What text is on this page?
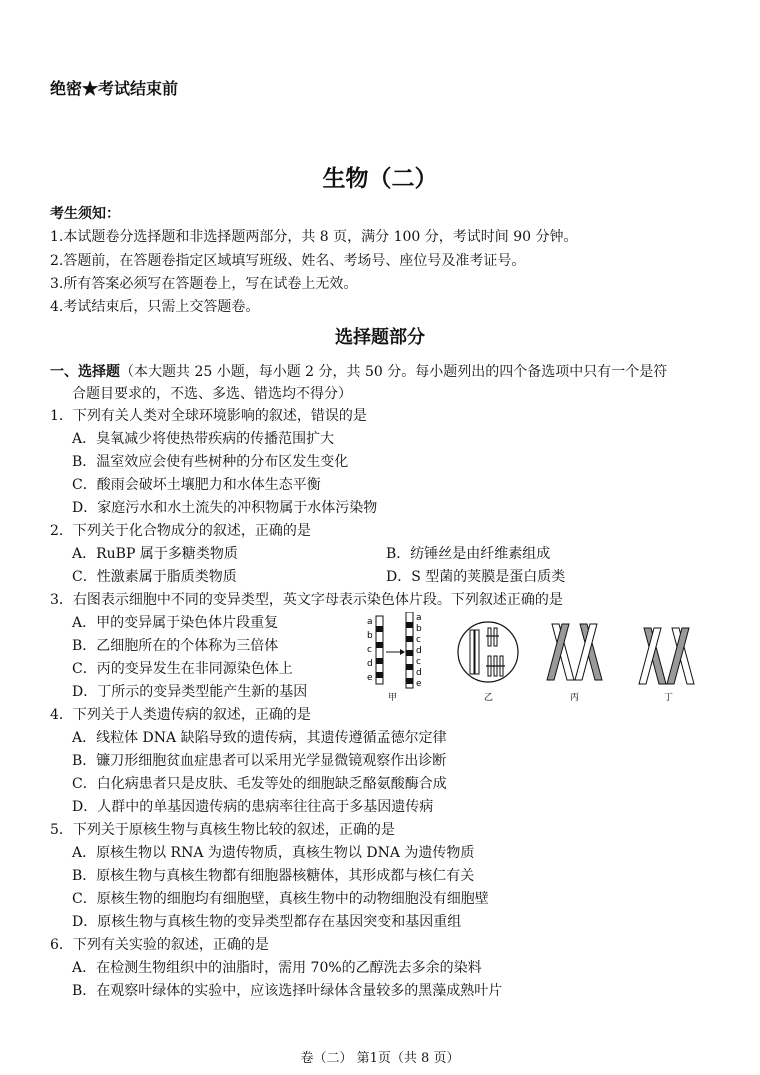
绝密★考试结束前
生物（二）
考生须知：
1.本试题卷分选择题和非选择题两部分，共 8 页，满分 100 分，考试时间 90 分钟。
2.答题前，在答题卷指定区域填写班级、姓名、考场号、座位号及准考证号。
3.所有答案必须写在答题卷上，写在试卷上无效。
4.考试结束后，只需上交答题卷。
选择题部分
一、选择题（本大题共 25 小题，每小题 2 分，共 50 分。每小题列出的四个备选项中只有一个是符
合题目要求的，不选、多选、错选均不得分）
1．下列有关人类对全球环境影响的叙述，错误的是
A．臭氧减少将使热带疾病的传播范围扩大
B．温室效应会使有些树种的分布区发生变化
C．酸雨会破坏土壤肥力和水体生态平衡
D．家庭污水和水土流失的冲积物属于水体污染物
2．下列关于化合物成分的叙述，正确的是
A．RuBP 属于多糖类物质	B．纺锤丝是由纤维素组成
C．性激素属于脂质类物质	D．S 型菌的荚膜是蛋白质类
3．右图表示细胞中不同的变异类型，英文字母表示染色体片段。下列叙述正确的是
A．甲的变异属于染色体片段重复
B．乙细胞所在的个体称为三倍体
C．丙的变异发生在非同源染色体上
D．丁所示的变异类型能产生新的基因
a
b
c
d
e
a
b
c
d
c
d
e
甲	乙	丙	丁
4．下列关于人类遗传病的叙述，正确的是
A．线粒体 DNA 缺陷导致的遗传病，其遗传遵循孟德尔定律
B．镰刀形细胞贫血症患者可以采用光学显微镜观察作出诊断
C．白化病患者只是皮肤、毛发等处的细胞缺乏酪氨酸酶合成
D．人群中的单基因遗传病的患病率往往高于多基因遗传病
5．下列关于原核生物与真核生物比较的叙述，正确的是
A．原核生物以 RNA 为遗传物质，真核生物以 DNA 为遗传物质
B．原核生物与真核生物都有细胞器核糖体，其形成都与核仁有关
C．原核生物的细胞均有细胞壁，真核生物中的动物细胞没有细胞壁
D．原核生物与真核生物的变异类型都存在基因突变和基因重组
6．下列有关实验的叙述，正确的是
A．在检测生物组织中的油脂时，需用 70%的乙醇洗去多余的染料
B．在观察叶绿体的实验中，应该选择叶绿体含量较多的黑藻成熟叶片
卷（二） 第1页（共 8 页）
